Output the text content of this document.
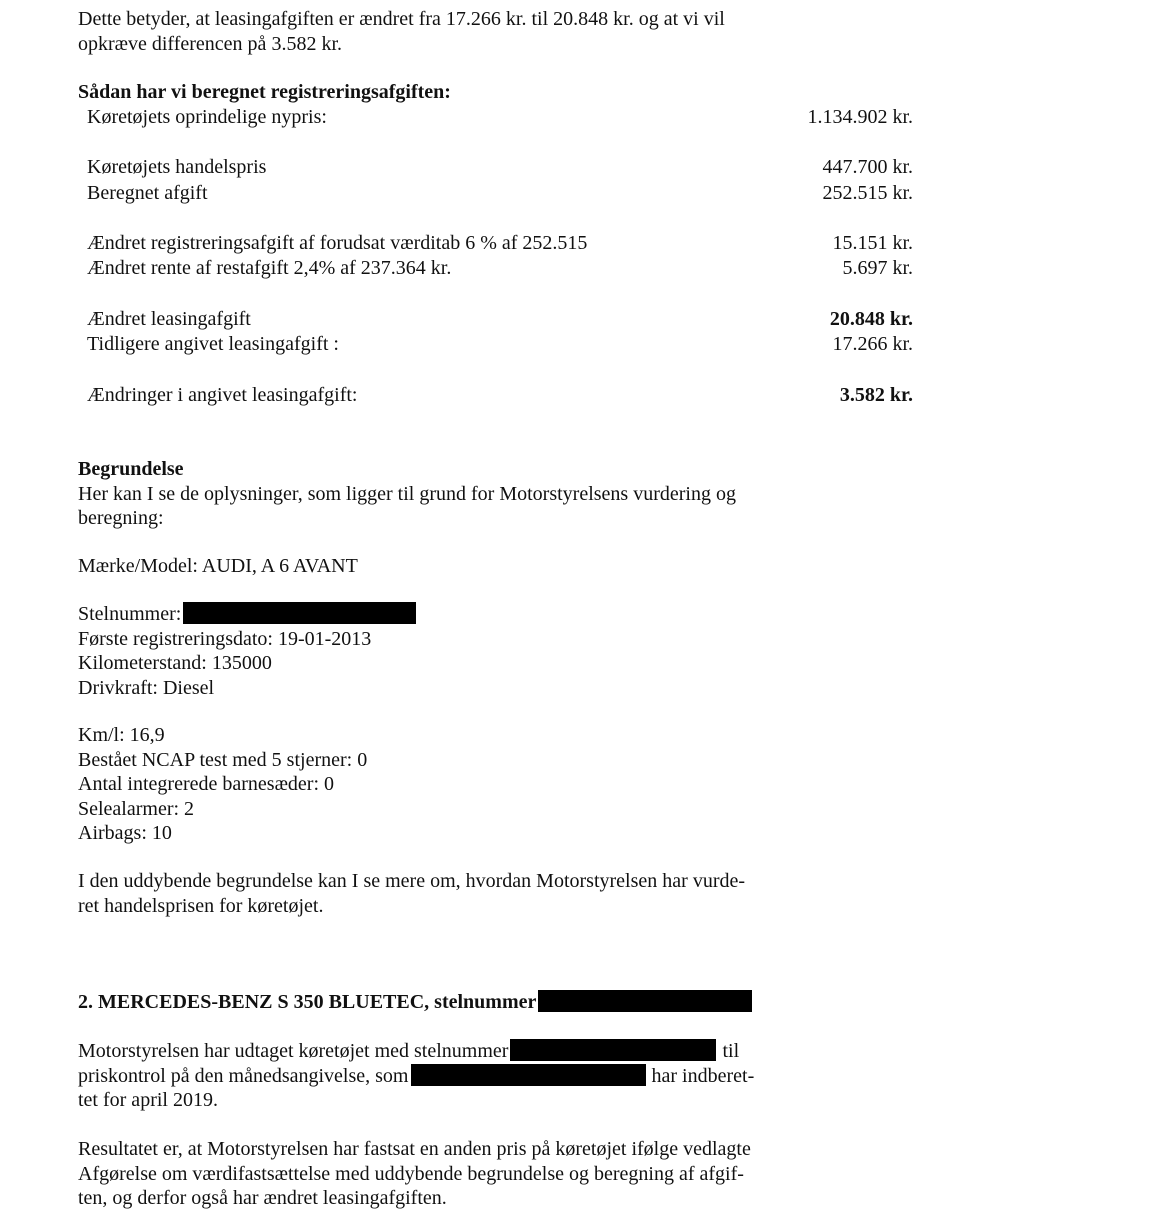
Dette betyder, at leasingafgiften er ændret fra 17.266 kr. til 20.848 kr. og at vi vil
opkræve differencen på 3.582 kr.
Sådan har vi beregnet registreringsafgiften:
Køretøjets oprindelige nypris:	1.134.902 kr.
Køretøjets handelspris	447.700 kr.
Beregnet afgift	252.515 kr.
Ændret registreringsafgift af forudsat værditab 6 % af 252.515	15.151 kr.
Ændret rente af restafgift 2,4% af 237.364 kr.	5.697 kr.
Ændret leasingafgift	20.848 kr.
Tidligere angivet leasingafgift :	17.266 kr.
Ændringer i angivet leasingafgift:	3.582 kr.
Begrundelse
Her kan I se de oplysninger, som ligger til grund for Motorstyrelsens vurdering og
beregning:
Mærke/Model: AUDI, A 6 AVANT
Stelnummer:
Første registreringsdato: 19-01-2013
Kilometerstand: 135000
Drivkraft: Diesel
Km/l: 16,9
Bestået NCAP test med 5 stjerner: 0
Antal integrerede barnesæder: 0
Selealarmer: 2
Airbags: 10
I den uddybende begrundelse kan I se mere om, hvordan Motorstyrelsen har vurde-
ret handelsprisen for køretøjet.
2. MERCEDES-BENZ S 350 BLUETEC, stelnummer
Motorstyrelsen har udtaget køretøjet med stelnummer	til
priskontrol på den månedsangivelse, som	har indberet-
tet for april 2019.
Resultatet er, at Motorstyrelsen har fastsat en anden pris på køretøjet ifølge vedlagte
Afgørelse om værdifastsættelse med uddybende begrundelse og beregning af afgif-
ten, og derfor også har ændret leasingafgiften.
